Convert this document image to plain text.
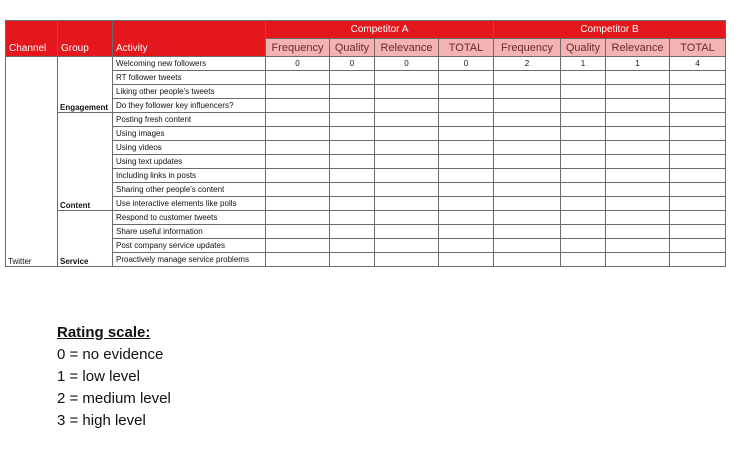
Channel	Group	Activity	Competitor A				Competitor B			
			Frequency	Quality	Relevance	TOTAL	Frequency	Quality	Relevance	TOTAL
Twitter	Engagement	Welcoming new followers	0	0	0	0	2	1	1	4
		RT follower tweets								
		Liking other people's tweets								
		Do they follower key influencers?								
	Content	Posting fresh content								
		Using images								
		Using videos								
		Using text updates								
		Including links in posts								
		Sharing other people's content								
		Use interactive elements like polls								
	Service	Respond to customer tweets								
		Share useful information								
		Post company service updates								
		Proactively manage service problems								
Rating scale:
0 = no evidence
1 = low level
2 = medium level
3 = high level
